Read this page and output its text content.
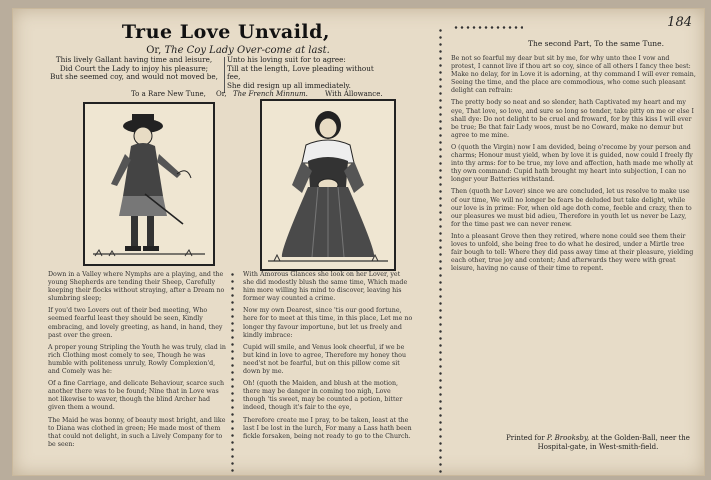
184
True Love Unvaild,
Or, The Coy Lady Over-come at last.
This lively Gallant having time and leisure,
Did Court the Lady to injoy his pleasure;
But she seemed coy, and would not moved be,
Unto his loving suit for to agree:
Till at the length, Love pleading without fee,
She did resign up all immediately.
To a Rare New Tune, Or, The French Minnum. With Allowance.
The second Part, To the same Tune.

Down in a Valley where Nymphs are a playing, and the young Shepherds are tending their Sheep, Carefully keeping their flocks without straying, after a Dream no slumbring sleep;

If you'd two Lovers out of their bed meeting, Who seemed fearful least they should be seen, Kindly embracing, and lovely greeting, as hand, in hand, they past over the green.

A proper young Stripling the Youth he was truly, clad in rich Clothing most comely to see, Though he was humble with politeness unruly, Rowly Complexion'd, and Comely was he:

Of a fine Carriage, and delicate Behaviour, scarce such another there was to be found; Nine that in Love was not likewise to waver, though the blind Archer had given them a wound.

The Maid he was bonny, of beauty most bright, and like to Diana was clothed in green; He made most of them that could not delight, in such a Lively Company for to be seen:

With Amorous Glances she look on her Lover, yet she did modestly blush the same time, Which made him more willing his mind to discover, leaving his former way counted a crime.

Now my own Dearest, since 'tis our good fortune, here for to meet at this time, in this place, Let me no longer thy favour importune, but let us freely and kindly imbrace:

Cupid will smile, and Venus look cheerful, if we be but kind in love to agree, Therefore my honey thou need'st not be fearful, but on this pillow come sit down by me.

Oh! (quoth the Maiden, and blush at the motion, there may be danger in coming too nigh, Love though 'tis sweet, may be counted a potion, bitter indeed, though it's fair to the eye,

Therefore create me I pray, to be taken, least at the last I be lost in the lurch, For many a Lass hath been fickle forsaken, being not ready to go to the Church.

Be not so fearful my dear but sit by me, for why unto thee I vow and protest, I cannot live if thou art so coy, since of all others I fancy thee best: Make no delay, for in Love it is adorning, at thy command I will ever remain, Seeing the time, and the place are commodious, who come such pleasant delight can refrain:

The pretty body so neat and so slender, hath Captivated my heart and my eye, That love, so love, and sure so long so tender, take pitty on me or else I shall dye: Do not delight to be cruel and froward, for by this kiss I will ever be true; Be that fair Lady woos, must be no Coward, make no demur but agree to me mine.

O (quoth the Virgin) now I am devided, being o'recome by your person and charms; Honour must yield, when by love it is guided, now could I freely fly into thy arms: for to be true, my love and affection, hath made me wholly at thy own command: Cupid hath brought my heart into subjection, I can no longer your Batteries withstand.

Then (quoth her Lover) since we are concluded, let us resolve to make use of our time, We will no longer be fears be deluded but take delight, while our love is in prime: For, when old age doth come, feeble and crazy, then to our pleasures we must bid adieu, Therefore in youth let us never be Lazy, for the time past we can never renew.

Into a pleasant Grove then they retired, where none could see them their loves to unfold, she being free to do what he desired, under a Mirtle tree fair bough to tell: Where they did pass away time at their pleasure, yielding each other, true joy and content; And afterwards they were with great leisure, having no cause of their time to repent.

Printed for P. Brooksby, at the Golden-Ball, neer the Hospital-gate, in West-smith-field.
